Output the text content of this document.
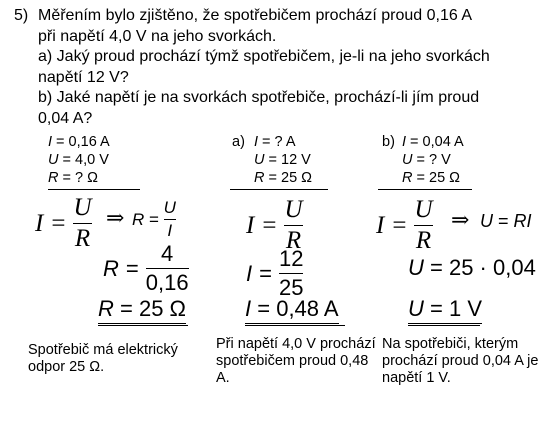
5) Měřením bylo zjištěno, že spotřebičem prochází proud 0,16 A
při napětí 4,0 V na jeho svorkách.
a) Jaký proud prochází týmž spotřebičem, je-li na jeho svorkách
napětí 12 V?
b) Jaké napětí je na svorkách spotřebiče, prochází-li jím proud
0,04 A?
I = 0,16 A
U = 4,0 V
R = ? Ω
$I = \frac{U}{R}$ ⇒ $R = \frac{U}{I}$
$R = \frac{4}{0,16}$
R = 25 Ω
Spotřebič má elektrický odpor 25 Ω.
a) I = ? A
U = 12 V
R = 25 Ω
$I = \frac{U}{R}$
$I = \frac{12}{25}$
I = 0,48 A
Při napětí 4,0 V prochází spotřebičem proud 0,48 A.
b) I = 0,04 A
U = ? V
R = 25 Ω
$I = \frac{U}{R}$ ⇒ U = RI
U = 25 · 0,04
U = 1 V
Na spotřebiči, kterým prochází proud 0,04 A je napětí 1 V.
